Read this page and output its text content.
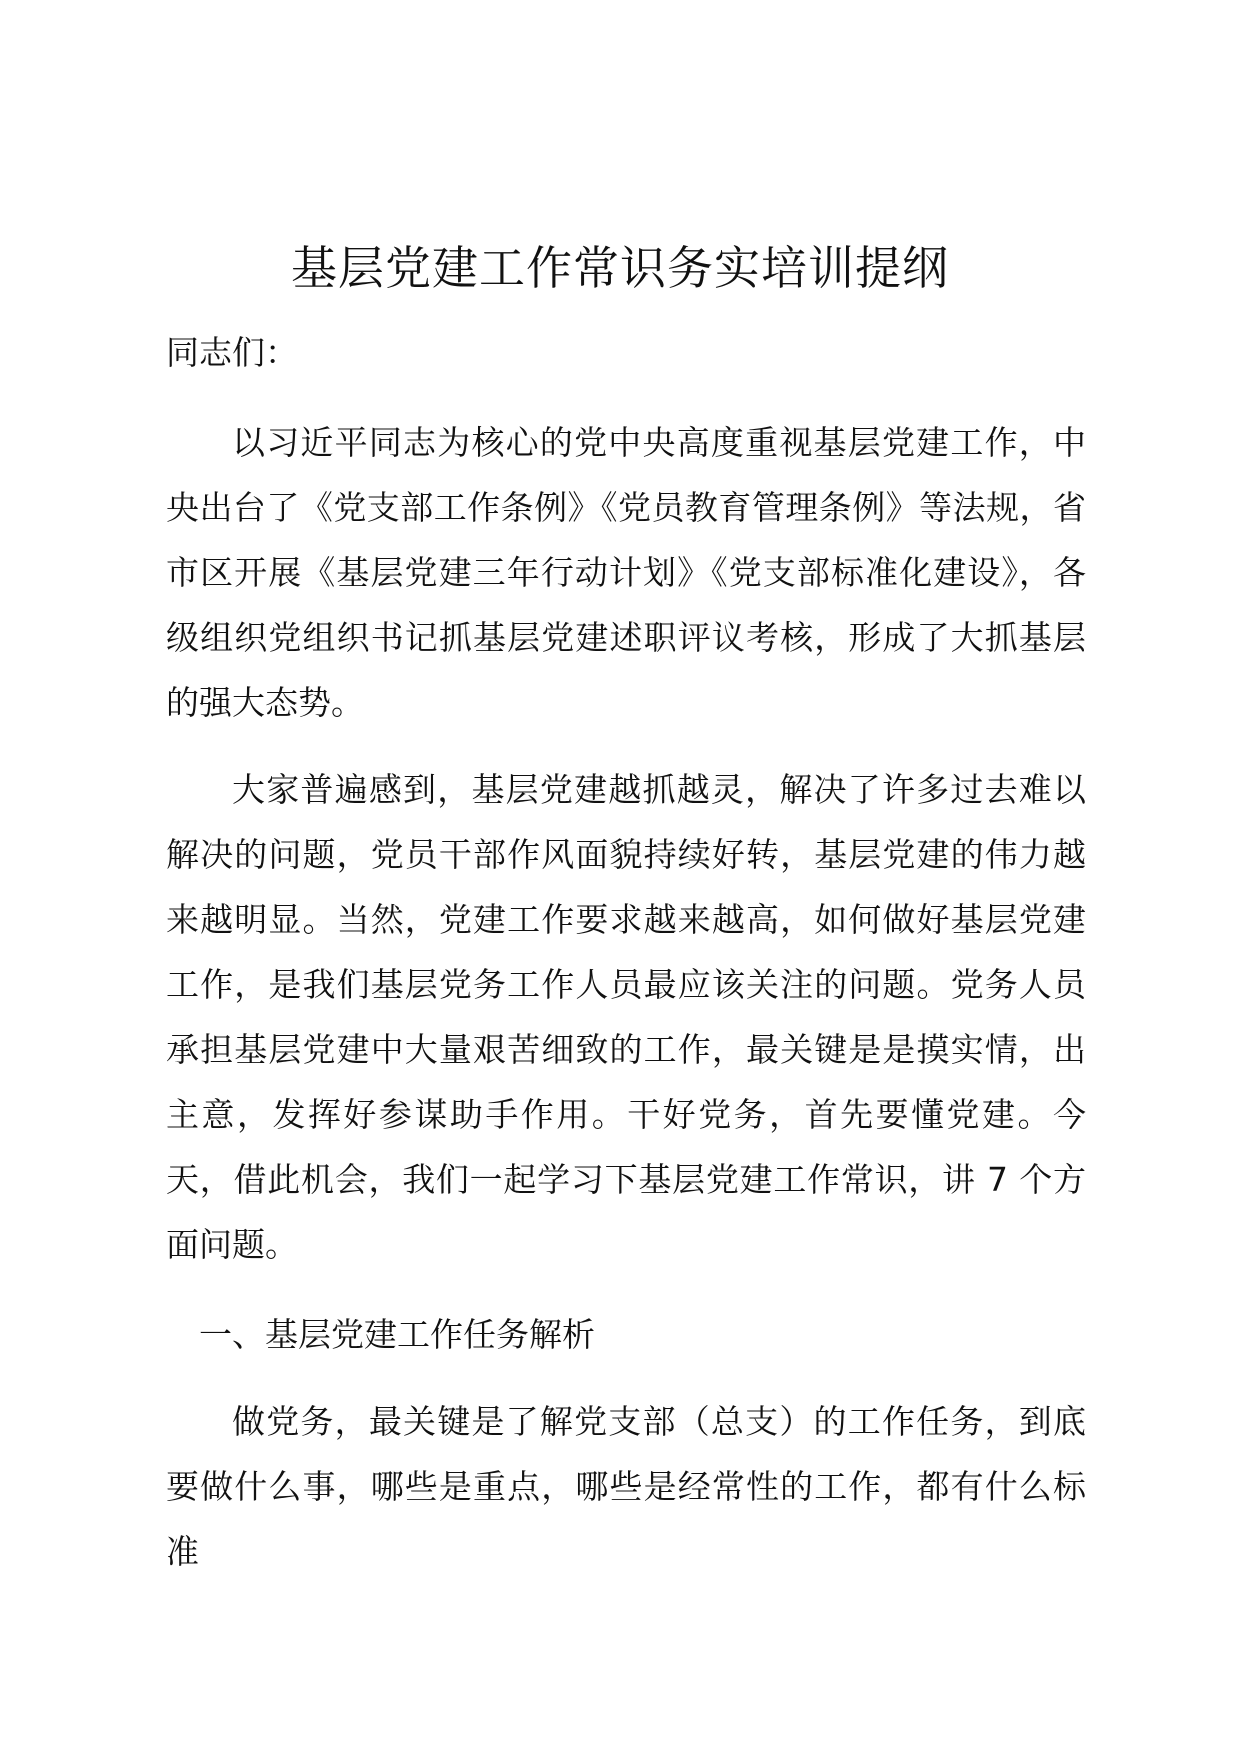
基层党建工作常识务实培训提纲

同志们：

以习近平同志为核心的党中央高度重视基层党建工作，中央出台了《党支部工作条例》《党员教育管理条例》等法规，省市区开展《基层党建三年行动计划》《党支部标准化建设》，各级组织党组织书记抓基层党建述职评议考核，形成了大抓基层的强大态势。

大家普遍感到，基层党建越抓越灵，解决了许多过去难以解决的问题，党员干部作风面貌持续好转，基层党建的伟力越来越明显。当然，党建工作要求越来越高，如何做好基层党建工作，是我们基层党务工作人员最应该关注的问题。党务人员承担基层党建中大量艰苦细致的工作，最关键是是摸实情，出主意，发挥好参谋助手作用。干好党务，首先要懂党建。今天，借此机会，我们一起学习下基层党建工作常识，讲 7 个方面问题。

一、基层党建工作任务解析

做党务，最关键是了解党支部（总支）的工作任务，到底要做什么事，哪些是重点，哪些是经常性的工作，都有什么标准
